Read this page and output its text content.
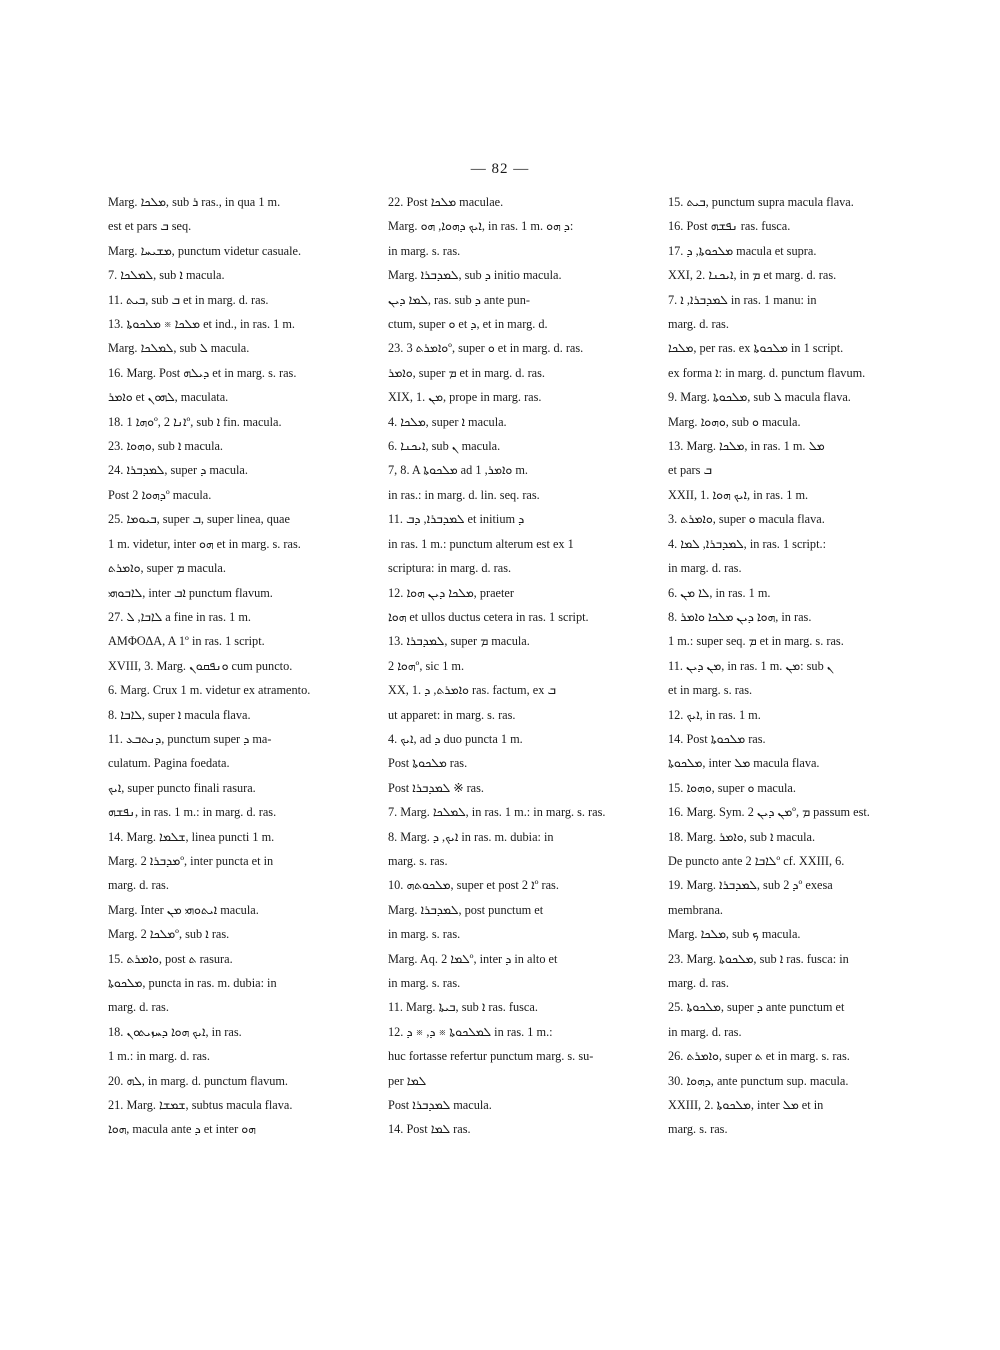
— 82 —
Marg. ܡܠܟܐ, sub ܪ ras., in qua 1 m.
est et pars ܒ seq.
Marg. ܡܫܝܚܐ, punctum videtur casuale.
7. ܠܡܠܟܐ, sub ܐ macula.
11. ܒܝܬ, sub ܒ et in marg. d. ras.
13. ܡܠܟܐ ※ ܡܠܟܘܬܐ et ind., in ras. 1 m.
Marg. ܠܡܠܟܐ, sub ܠ macula.
16. Marg. Post ܕܝܠܗ et in marg. s. ras.
ܘܐܡܪ et ܠܗܘܢ, maculata.
18. ܘܗܐ 1º, ܐܢܐ 2º, sub ܐ fin. macula.
23. ܘܗܘܐ, sub ܐ macula.
24. ܠܡܕܒܪܐ, super ܕ macula.
Post ܕܗܘܐ 2º macula.
25. ܒܝܘܡܐ, super ܒ, super linea, quae
1 m. videtur, inter ܗܘ et in marg. s. ras.
ܘܐܡܪܬ, super ܡ macula.
ܠܐܒܘܗܝ, inter ܐܒ punctum flavum.
27. ܠܐܒܐ, ܠ a fine in ras. 1 m.
ΑΜΦΟΔΑ, Α 1º in ras. 1 script.
XVIII, 3. Marg. ܘܢܦܩܘܢ cum puncto.
6. Marg. Crux 1 m. videtur ex atramento.
8. ܠܐܒܐ, super ܐ macula flava.
11. ܕܢܬܒܥ, punctum super ܕ ma-
culatum. Pagina foedata.
ܐܝܟ, super puncto finali rasura.
ܢܦܫܗ, in ras. 1 m.: in marg. d. ras.
14. Marg. ܫܠܡܐ, linea puncti 1 m.
Marg. ܡܕܒܪܐ 2º, inter puncta et in
marg. d. ras.
Marg. Inter ܐܝܬܘܗܝ ܡܢ macula.
Marg. ܡܠܟܐ 2º, sub ܐ ras.
15. ܘܐܡܪܬ, post ܬ rasura.
ܡܠܟܘܬܐ, puncta in ras. m. dubia: in
marg. d. ras.
18. ܐܝܟ ܗܘܐ ܕܚܙܝܬܘܢ, in ras.
1 m.: in marg. d. ras.
20. ܠܗ, in marg. d. punctum flavum.
21. Marg. ܫܡܫܐ, subtus macula flava.
ܗܘܐ, macula ante ܕ et inter ܗܘ
22. Post ܡܠܟܐ maculae.
Marg. ܐܝܟ ܕܗܘܐ, ܗܘ, in ras. 1 m. ܕ ܗܘ:
in marg. s. ras.
Marg. ܠܡܕܒܪܐ, sub ܕ initio macula.
ܠܡܐ ܕܝܢ, ras. sub ܕ ante pun-
ctum, super ܘ et ܕ, et in marg. d.
23. ܘܐܡܪܬ 3º, super ܘ et in marg. d. ras.
ܘܐܡܪ, super ܡ et in marg. d. ras.
XIX, 1. ܡܢ, prope in marg. ras.
4. ܡܠܟܐ, super ܐ macula.
6. ܐܝܟܢܐ, sub ܢ macula.
7, 8. A ܡܠܟܘܬܐ ad ܘܐܡܪ, 1 m.
in ras.: in marg. d. lin. seq. ras.
11. ܠܡܕܒܪܐ, ܕܒ et initium ܕ
in ras. 1 m.: punctum alterum est ex 1
scriptura: in marg. d. ras.
12. ܡܠܟܐ ܕܝܢ ܗܘܐ, praeter
ܗܘܐ et ullos ductus cetera in ras. 1 script.
13. ܠܡܕܒܪܐ, super ܡ macula.
ܗܘܐ 2º, sic 1 m.
XX, 1. ܘܐܡܪܬ, ܕ ras. factum, ex ܒ
ut apparet: in marg. s. ras.
4. ܐܝܟ, ad ܕ duo puncta 1 m.
Post ܡܠܟܘܬܐ ras.
Post ܠܡܕܒܪܐ ※ ras.
7. Marg. ܠܡܠܟܐ, in ras. 1 m.: in marg. s. ras.
8. Marg. ܐܝܟ, ܕ in ras. m. dubia: in
marg. s. ras.
10. ܡܠܟܘܬܗ, super et post ܐ 2º ras.
Marg. ܠܡܕܒܪܐ, post punctum et
in marg. s. ras.
Marg. Aq. ܠܡܐ 2º, inter ܕ in alto et
in marg. s. ras.
11. Marg. ܒܝܬܐ, sub ܐ ras. fusca.
12. ܠܡܠܟܘܬܐ ※ ܕ, ※ ܕ in ras. 1 m.:
huc fortasse refertur punctum marg. s. su-
per ܠܡܐ
Post ܠܡܕܒܪܐ macula.
14. Post ܠܡܐ ras.
15. ܒܝܬ, punctum supra macula flava.
16. Post ܢܦܫܗ ras. fusca.
17. ܡܠܟܘܬܐ, ܕ macula et supra.
XXI, 2. ܐܝܟܢܐ, in ܡ et marg. d. ras.
7. ܠܡܕܒܪܐ, ܐ in ras. 1 manu: in
marg. d. ras.
ܡܠܟܐ, per ras. ex ܡܠܟܘܬܐ in 1 script.
ex forma ܐ: in marg. d. punctum flavum.
9. Marg. ܡܠܟܘܬܐ, sub ܠ macula flava.
Marg. ܘܗܘܐ, sub ܘ macula.
13. Marg. ܡܠܟܐ, in ras. 1 m. ܡܠ
et pars ܒ
XXII, 1. ܐܝܟ ܗܘܐ, in ras. 1 m.
3. ܘܐܡܪܬ, super ܘ macula flava.
4. ܠܡܕܒܪܐ, ܠܡܐ, in ras. 1 script.:
in marg. d. ras.
6. ܠܐ ܡܢ, in ras. 1 m.
8. ܗܘܐ ܕܝܢ ܡܠܟܐ ܘܐܡܪ, in ras.
1 m.: super seq. ܡ et in marg. s. ras.
11. ܡܢ ܕܝܢ, in ras. 1 m. ܡܢ: sub ܢ
et in marg. s. ras.
12. ܐܝܟ, in ras. 1 m.
14. Post ܡܠܟܘܬܐ ras.
ܡܠܟܘܬܐ, inter ܡܠ macula flava.
15. ܘܗܘܐ, super ܘ macula.
16. Marg. Sym. ܡܢ ܕܝܢ 2º, ܡ passum est.
18. Marg. ܘܐܡܪ, sub ܐ macula.
De puncto ante ܠܐܒܐ 2º cf. XXIII, 6.
19. Marg. ܠܡܕܒܪܐ, sub ܕ 2º exesa
membrana.
Marg. ܡܠܟܐ, sub ܟ macula.
23. Marg. ܡܠܟܘܬܐ, sub ܐ ras. fusca: in
marg. d. ras.
25. ܡܠܟܘܬܐ, super ܕ ante punctum et
in marg. d. ras.
26. ܘܐܡܪܬ, super ܬ et in marg. s. ras.
30. ܕܗܘܐ, ante punctum sup. macula.
XXIII, 2. ܡܠܟܘܬܐ, inter ܡܠ et in
marg. s. ras.
